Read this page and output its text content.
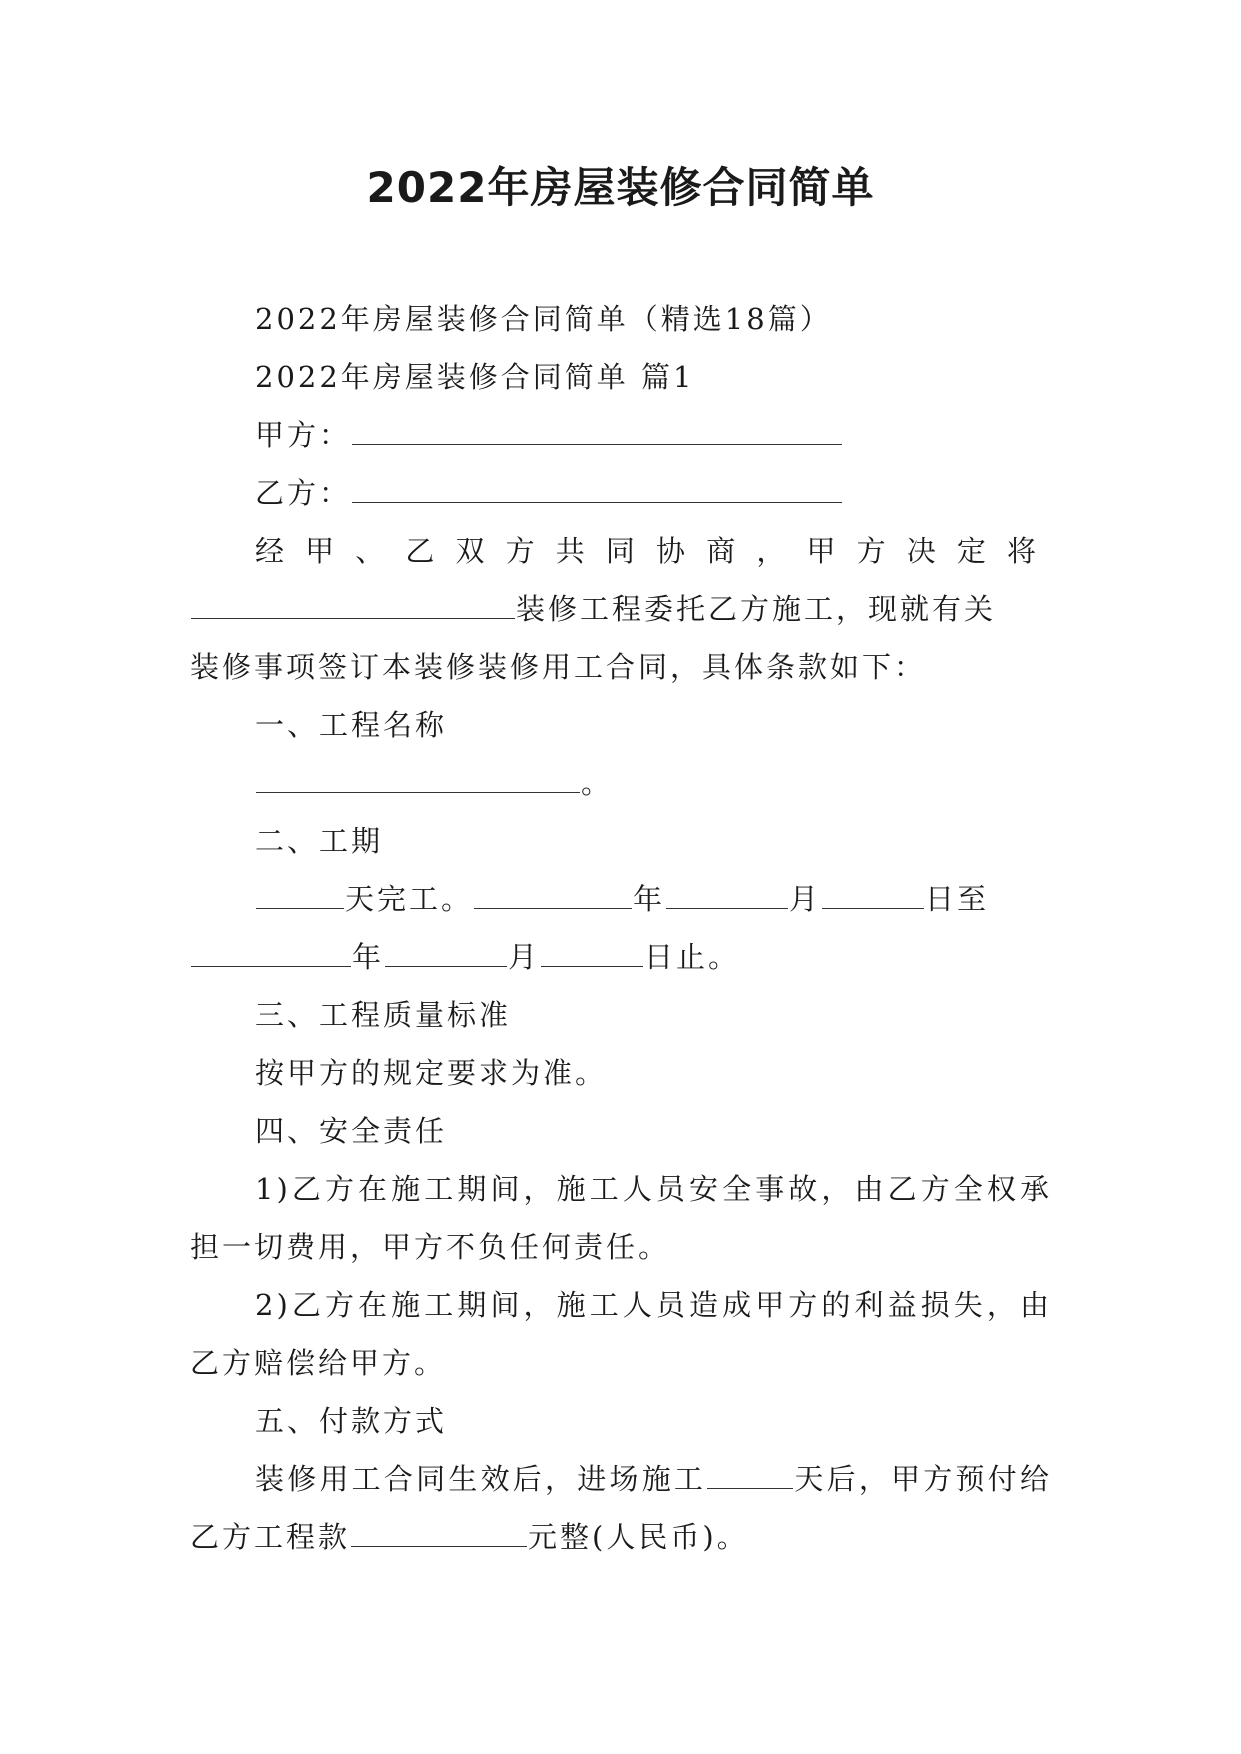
2022年房屋装修合同简单

2022年房屋装修合同简单（精选18篇）

2022年房屋装修合同简单 篇1

甲方：

乙方：

经甲、乙双方共同协商，甲方决定将

装修工程委托乙方施工，现就有关

装修事项签订本装修装修用工合同，具体条款如下：

一、工程名称

。

二、工期

天完工。	年	月	日至

年	月	日止。

三、工程质量标准

按甲方的规定要求为准。

四、安全责任

1)乙方在施工期间，施工人员安全事故，由乙方全权承担一切费用，甲方不负任何责任。

2)乙方在施工期间，施工人员造成甲方的利益损失，由乙方赔偿给甲方。

五、付款方式

装修用工合同生效后，进场施工	天后，甲方预付给乙方工程款	元整(人民币)。
